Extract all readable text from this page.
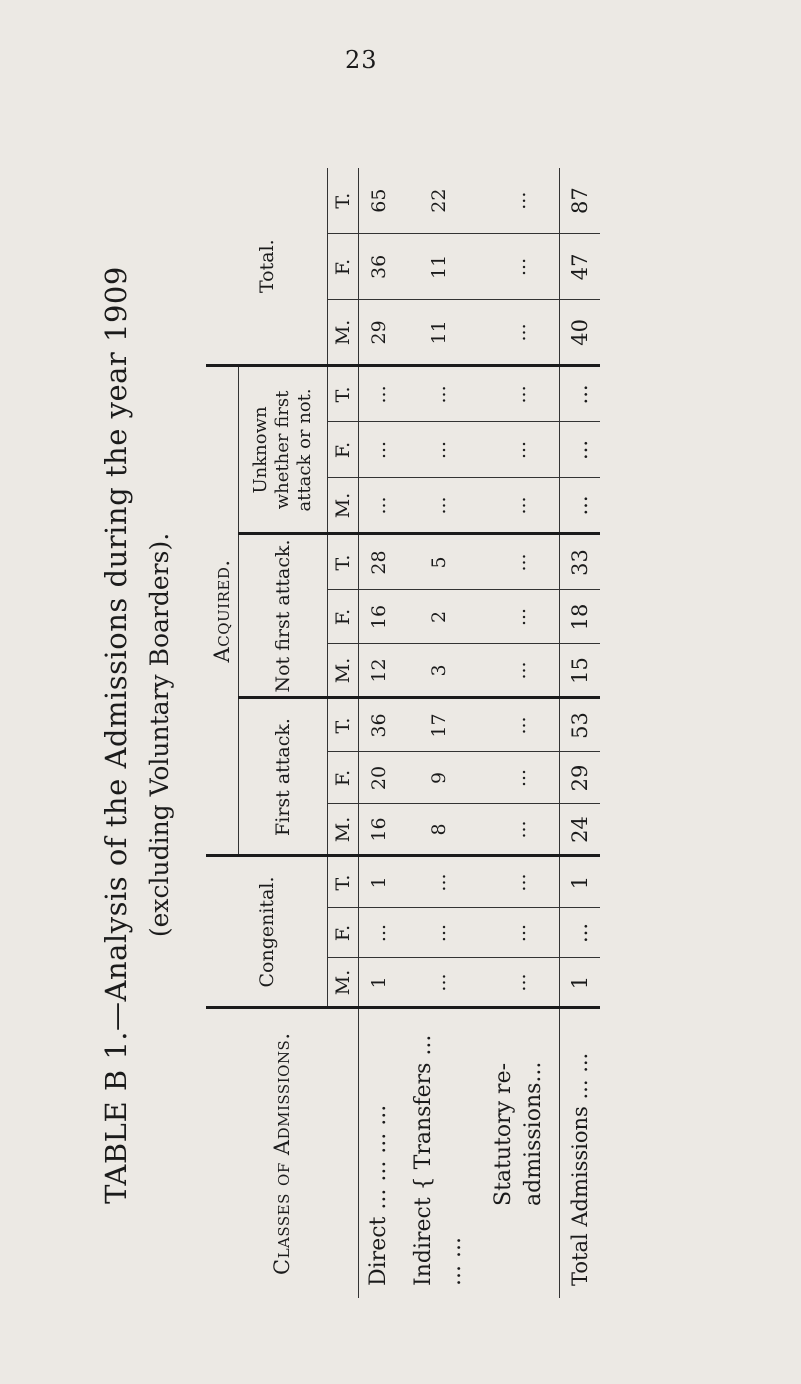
23
TABLE B 1.—Analysis of the Admissions during the year 1909 (excluding Voluntary Boarders).
Classes of Admissions.	Congenital.			Acquired.									Total.		
				First attack.			Not first attack.			Unknown whether first attack or not.					
	M.	F.	T.	M.	F.	T.	M.	F.	T.	M.	F.	T.	M.	F.	T.
Direct ... ... ... ...	1	...	1	16	20	36	12	16	28	...	...	...	29	36	65
Indirect { Transfers ... ... ...	...	...	...	8	9	17	3	2	5	...	...	...	11	11	22
Statutory re-admissions...	...	...	...	...	...	...	...	...	...	...	...	...	...	...	...
Total Admissions ... ...	1	...	1	24	29	53	15	18	33	...	...	...	40	47	87
